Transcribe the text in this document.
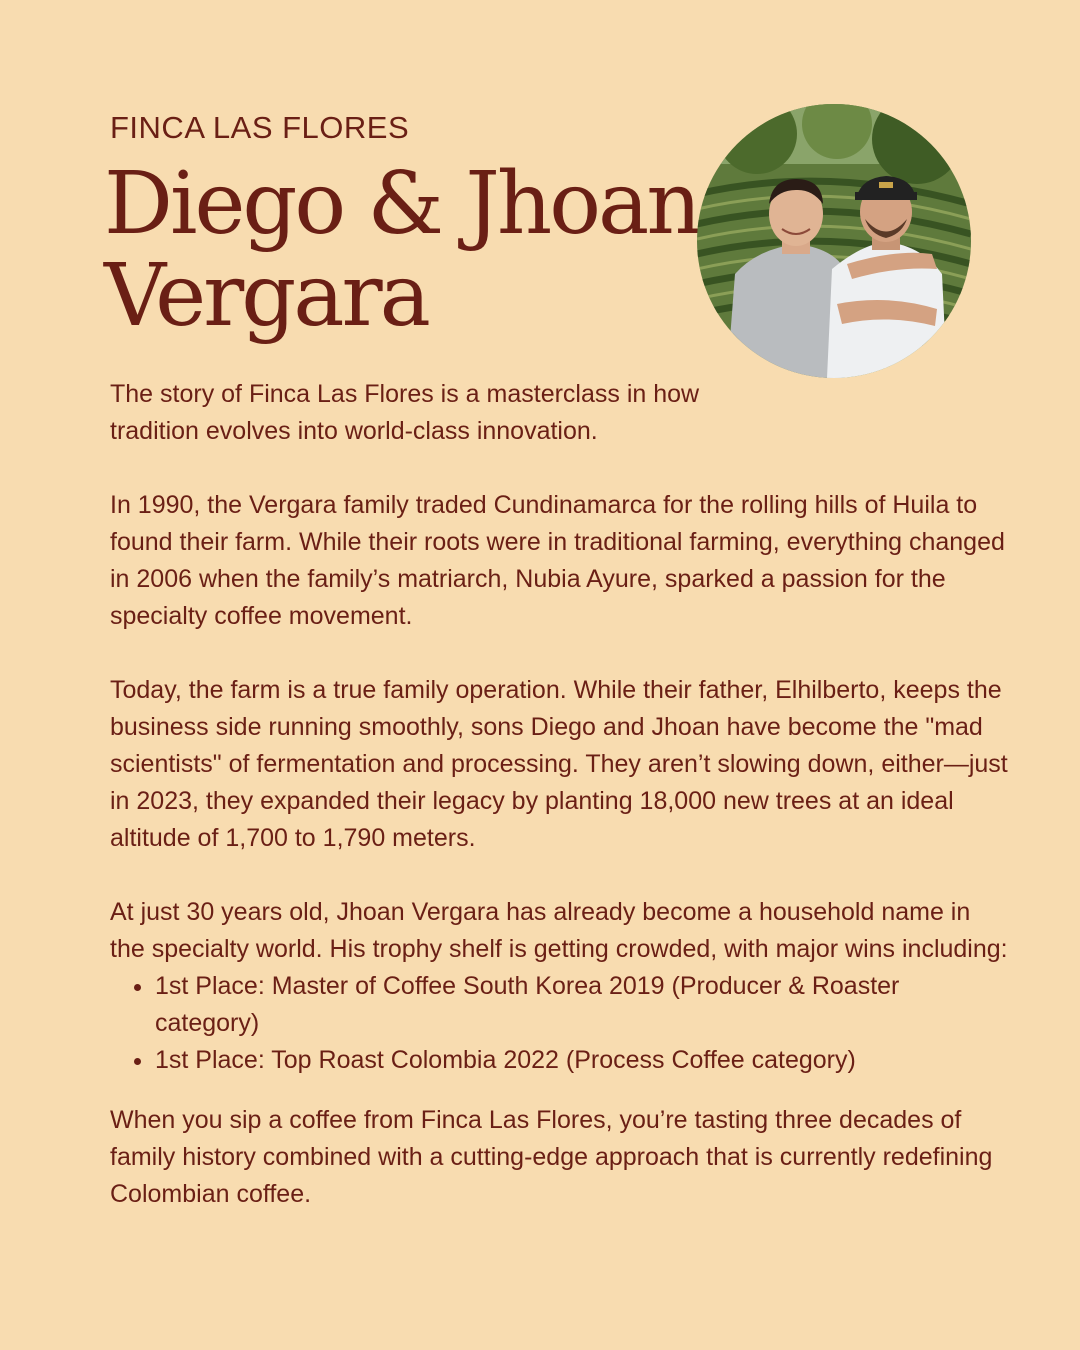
FINCA LAS FLORES
Diego & Jhoan
Vergara

The story of Finca Las Flores is a masterclass in how tradition evolves into world-class innovation.

In 1990, the Vergara family traded Cundinamarca for the rolling hills of Huila to found their farm. While their roots were in traditional farming, everything changed in 2006 when the family’s matriarch, Nubia Ayure, sparked a passion for the specialty coffee movement.

Today, the farm is a true family operation. While their father, Elhilberto, keeps the business side running smoothly, sons Diego and Jhoan have become the "mad scientists" of fermentation and processing. They aren’t slowing down, either—just in 2023, they expanded their legacy by planting 18,000 new trees at an ideal altitude of 1,700 to 1,790 meters.

At just 30 years old, Jhoan Vergara has already become a household name in the specialty world. His trophy shelf is getting crowded, with major wins including:

• 1st Place: Master of Coffee South Korea 2019 (Producer & Roaster category)
• 1st Place: Top Roast Colombia 2022 (Process Coffee category)

When you sip a coffee from Finca Las Flores, you’re tasting three decades of family history combined with a cutting-edge approach that is currently redefining Colombian coffee.
